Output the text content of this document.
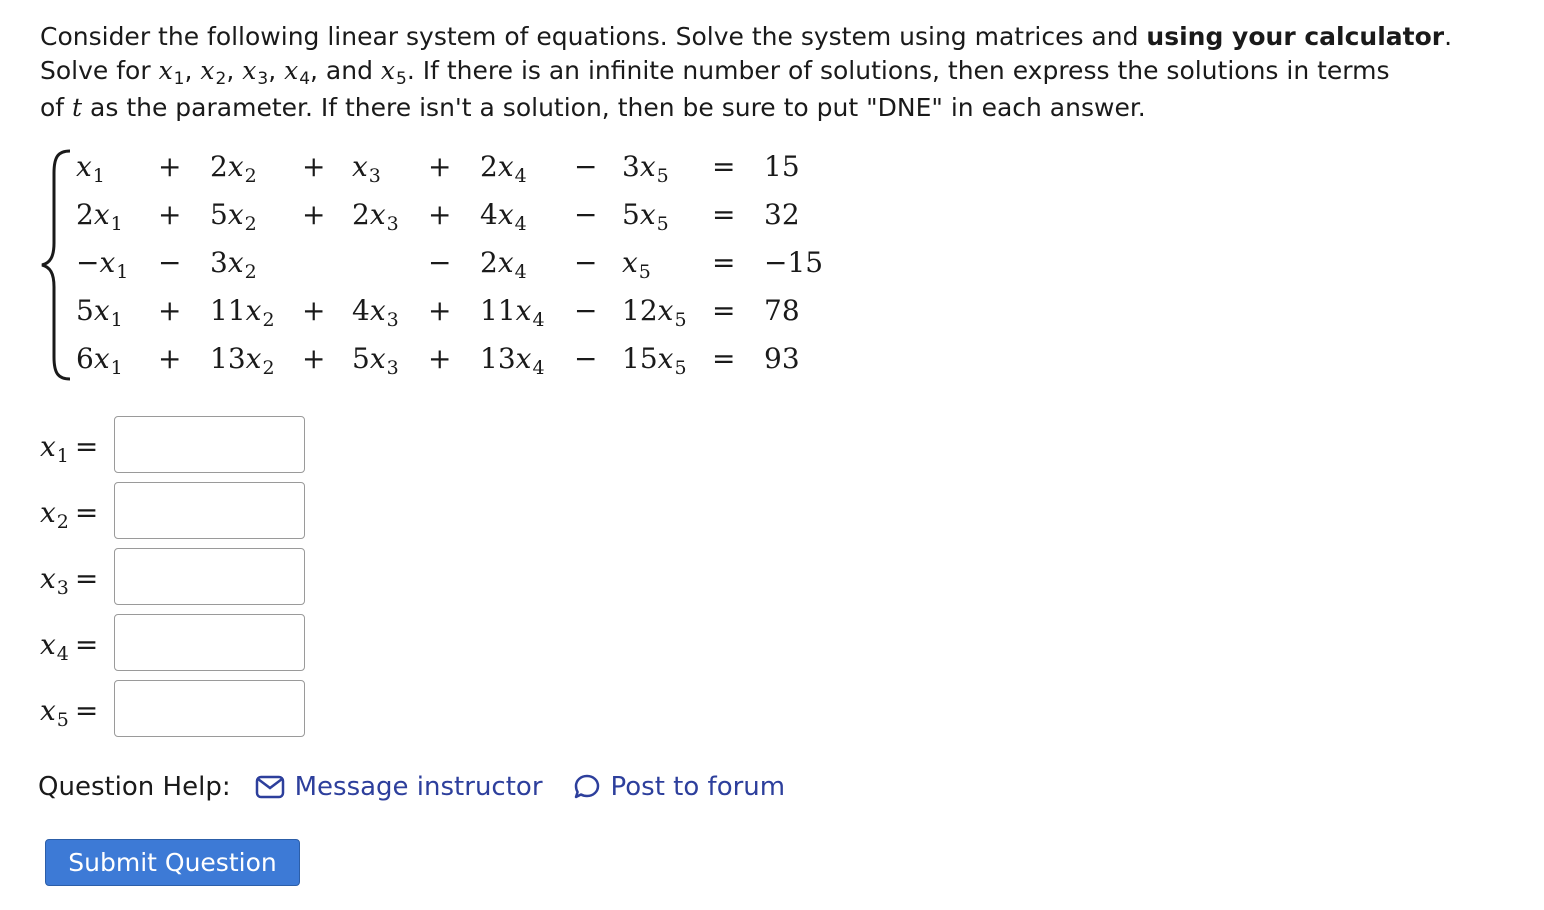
Consider the following linear system of equations. Solve the system using matrices and using your calculator.
Solve for $x_1$, $x_2$, $x_3$, $x_4$, and $x_5$. If there is an infinite number of solutions, then express the solutions in terms
of t as the parameter. If there isn't a solution, then be sure to put "DNE" in each answer.
$x_1 + 2x_2 + x_3 + 2x_4 - 3x_5 = 15$
$2x_1 + 5x_2 + 2x_3 + 4x_4 - 5x_5 = 32$
$-x_1 - 3x_2$	− $2x_4 - x_5 = -15$
$5x_1 + 11x_2 + 4x_3 + 11x_4 - 12x_5 = 78$
$6x_1 + 13x_2 + 5x_3 + 13x_4 - 15x_5 = 93$
$x_1$ =
$x_2$ =
$x_3$ =
$x_4$ =
$x_5$ =
Question Help: Message instructor	Post to forum
Submit Question
